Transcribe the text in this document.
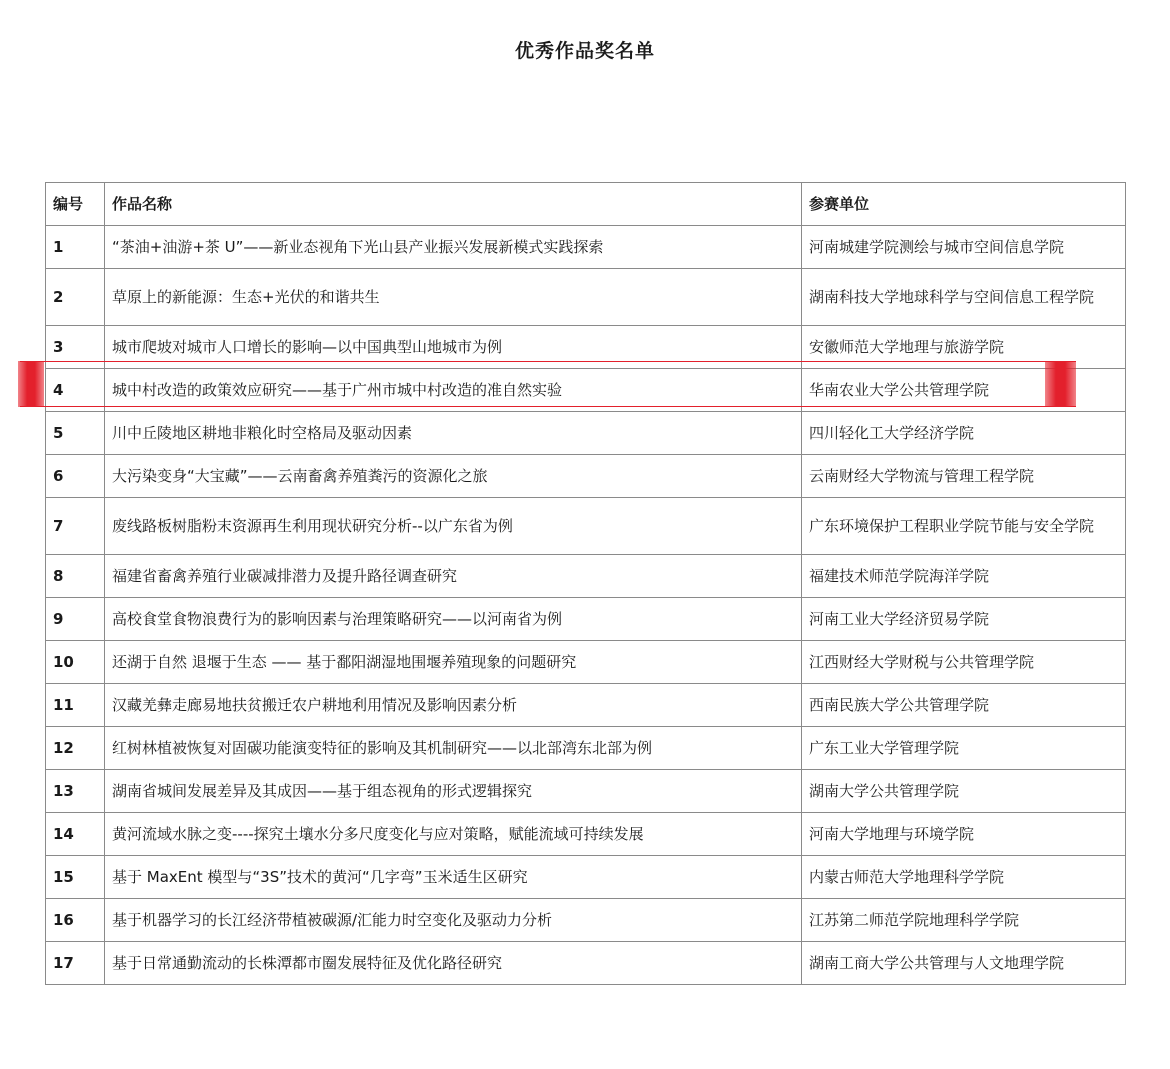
优秀作品奖名单
编号	作品名称	参赛单位
1	“茶油+油游+茶 U”——新业态视角下光山县产业振兴发展新模式实践探索	河南城建学院测绘与城市空间信息学院
2	草原上的新能源：生态+光伏的和谐共生	湖南科技大学地球科学与空间信息工程学院
3	城市爬坡对城市人口增长的影响—以中国典型山地城市为例	安徽师范大学地理与旅游学院
4	城中村改造的政策效应研究——基于广州市城中村改造的准自然实验	华南农业大学公共管理学院
5	川中丘陵地区耕地非粮化时空格局及驱动因素	四川轻化工大学经济学院
6	大污染变身“大宝藏”——云南畜禽养殖粪污的资源化之旅	云南财经大学物流与管理工程学院
7	废线路板树脂粉末资源再生利用现状研究分析--以广东省为例	广东环境保护工程职业学院节能与安全学院
8	福建省畜禽养殖行业碳减排潜力及提升路径调查研究	福建技术师范学院海洋学院
9	高校食堂食物浪费行为的影响因素与治理策略研究——以河南省为例	河南工业大学经济贸易学院
10	还湖于自然 退堰于生态 —— 基于鄱阳湖湿地围堰养殖现象的问题研究	江西财经大学财税与公共管理学院
11	汉藏羌彝走廊易地扶贫搬迁农户耕地利用情况及影响因素分析	西南民族大学公共管理学院
12	红树林植被恢复对固碳功能演变特征的影响及其机制研究——以北部湾东北部为例	广东工业大学管理学院
13	湖南省城间发展差异及其成因——基于组态视角的形式逻辑探究	湖南大学公共管理学院
14	黄河流域水脉之变----探究土壤水分多尺度变化与应对策略，赋能流域可持续发展	河南大学地理与环境学院
15	基于 MaxEnt 模型与“3S”技术的黄河“几字弯”玉米适生区研究	内蒙古师范大学地理科学学院
16	基于机器学习的长江经济带植被碳源/汇能力时空变化及驱动力分析	江苏第二师范学院地理科学学院
17	基于日常通勤流动的长株潭都市圈发展特征及优化路径研究	湖南工商大学公共管理与人文地理学院
